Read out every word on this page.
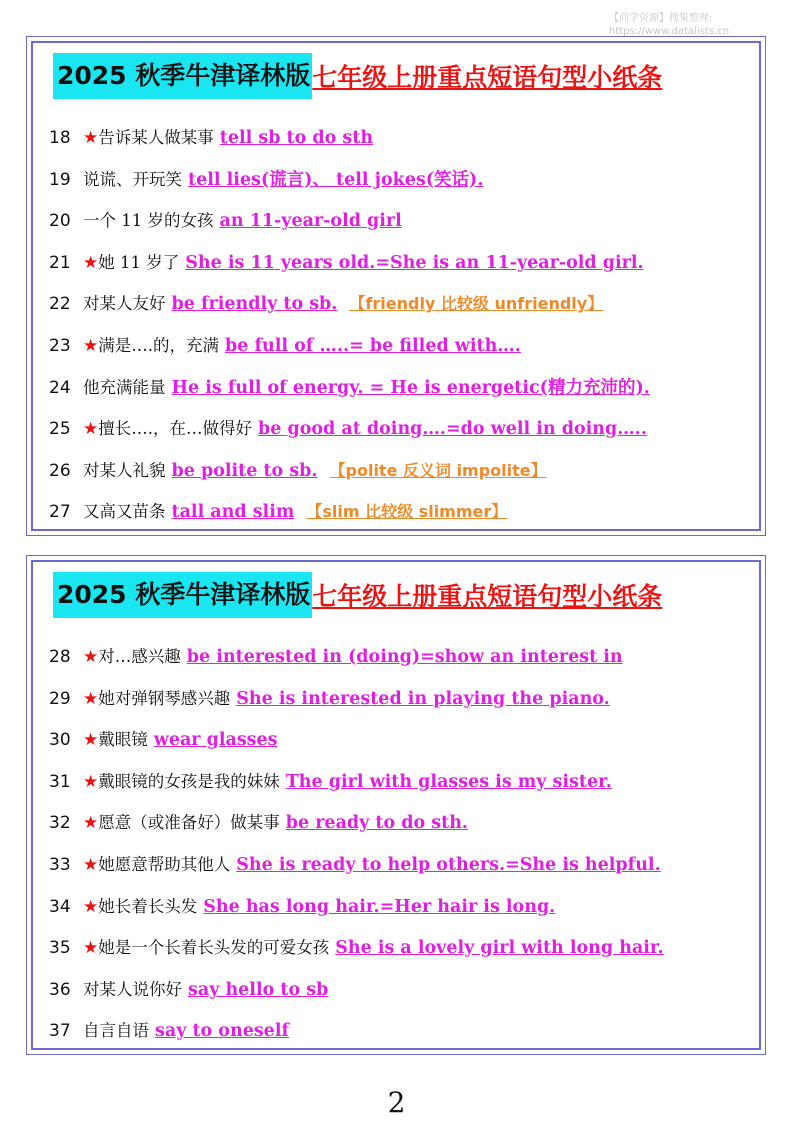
【尚学资源】搜集整理:
https://www.datalists.cn
2025 秋季牛津译林版七年级上册重点短语句型小纸条
18 ★告诉某人做某事 tell sb to do sth
19 说谎、开玩笑 tell lies(谎言)、 tell jokes(笑话).
20 一个 11 岁的女孩 an 11-year-old girl
21 ★她 11 岁了 She is 11 years old.=She is an 11-year-old girl.
22 对某人友好 be friendly to sb. 【friendly 比较级 unfriendly】
23 ★满是….的，充满 be full of …..= be filled with….
24 他充满能量 He is full of energy. = He is energetic(精力充沛的).
25 ★擅长….，在…做得好 be good at doing….=do well in doing…..
26 对某人礼貌 be polite to sb. 【polite 反义词 impolite】
27 又高又苗条 tall and slim 【slim 比较级 slimmer】
2025 秋季牛津译林版七年级上册重点短语句型小纸条
28 ★对…感兴趣 be interested in (doing)=show an interest in
29 ★她对弹钢琴感兴趣 She is interested in playing the piano.
30 ★戴眼镜 wear glasses
31 ★戴眼镜的女孩是我的妹妹 The girl with glasses is my sister.
32 ★愿意（或准备好）做某事 be ready to do sth.
33 ★她愿意帮助其他人 She is ready to help others.=She is helpful.
34 ★她长着长头发 She has long hair.=Her hair is long.
35 ★她是一个长着长头发的可爱女孩 She is a lovely girl with long hair.
36 对某人说你好 say hello to sb
37 自言自语 say to oneself
2
